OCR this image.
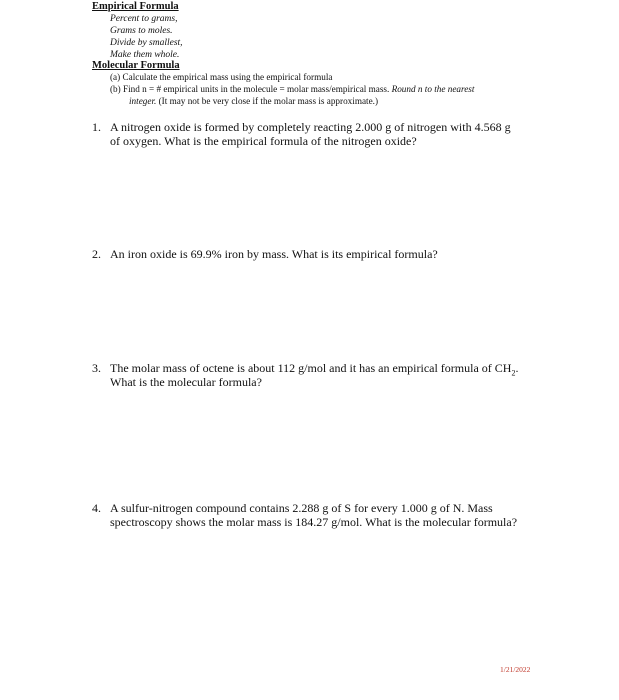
Empirical Formula
Percent to grams,
Grams to moles.
Divide by smallest,
Make them whole.
Molecular Formula
(a) Calculate the empirical mass using the empirical formula
(b) Find n = # empirical units in the molecule = molar mass/empirical mass. Round n to the nearest
integer. (It may not be very close if the molar mass is approximate.)
1. A nitrogen oxide is formed by completely reacting 2.000 g of nitrogen with 4.568 g
of oxygen. What is the empirical formula of the nitrogen oxide?
2. An iron oxide is 69.9% iron by mass. What is its empirical formula?
3. The molar mass of octene is about 112 g/mol and it has an empirical formula of $CH_2$.
What is the molecular formula?
4. A sulfur-nitrogen compound contains 2.288 g of S for every 1.000 g of N. Mass
spectroscopy shows the molar mass is 184.27 g/mol. What is the molecular formula?
1/21/2022
